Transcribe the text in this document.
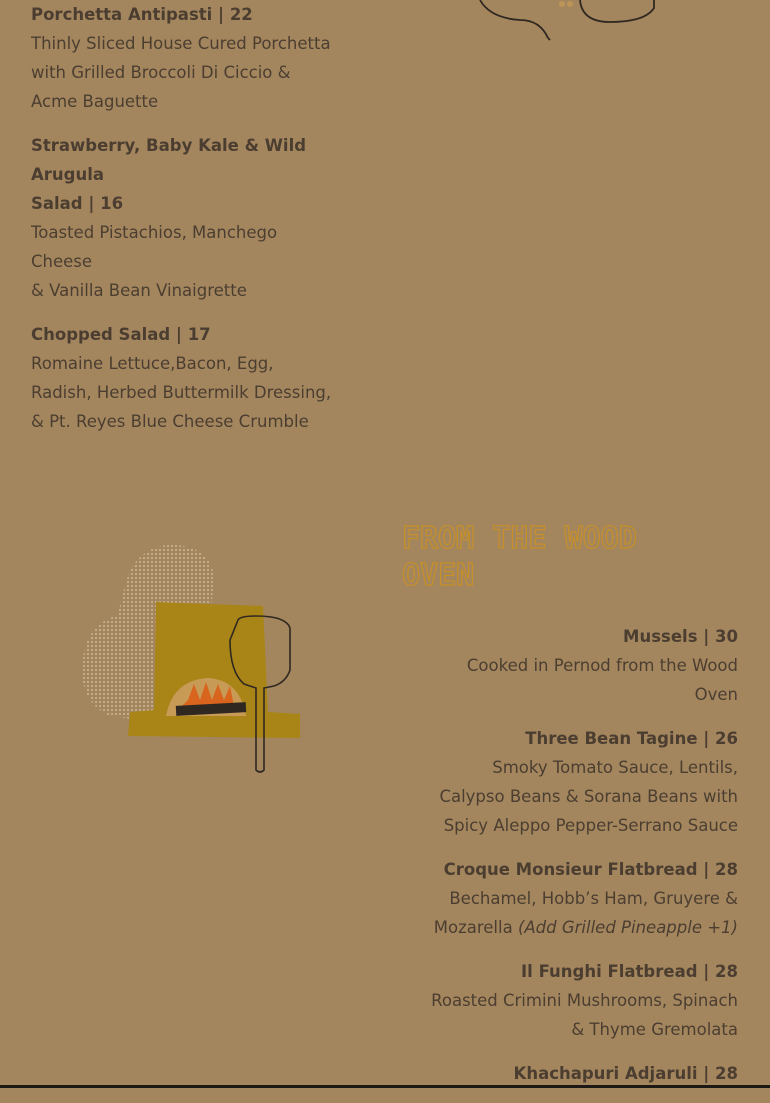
Porchetta Antipasti | 22
Thinly Sliced House Cured Porchetta
with Grilled Broccoli Di Ciccio &
Acme Baguette
Strawberry, Baby Kale & Wild Arugula
Salad | 16
Toasted Pistachios, Manchego
Cheese
& Vanilla Bean Vinaigrette
Chopped Salad | 17
Romaine Lettuce,Bacon, Egg,
Radish, Herbed Buttermilk Dressing,
& Pt. Reyes Blue Cheese Crumble
FROM THE WOOD
OVEN
Mussels | 30
Cooked in Pernod from the Wood
Oven
Three Bean Tagine | 26
Smoky Tomato Sauce, Lentils,
Calypso Beans & Sorana Beans with
Spicy Aleppo Pepper-Serrano Sauce
Croque Monsieur Flatbread | 28
Bechamel, Hobb’s Ham, Gruyere &
Mozarella (Add Grilled Pineapple +1)
Il Funghi Flatbread | 28
Roasted Crimini Mushrooms, Spinach
& Thyme Gremolata
Khachapuri Adjaruli | 28
